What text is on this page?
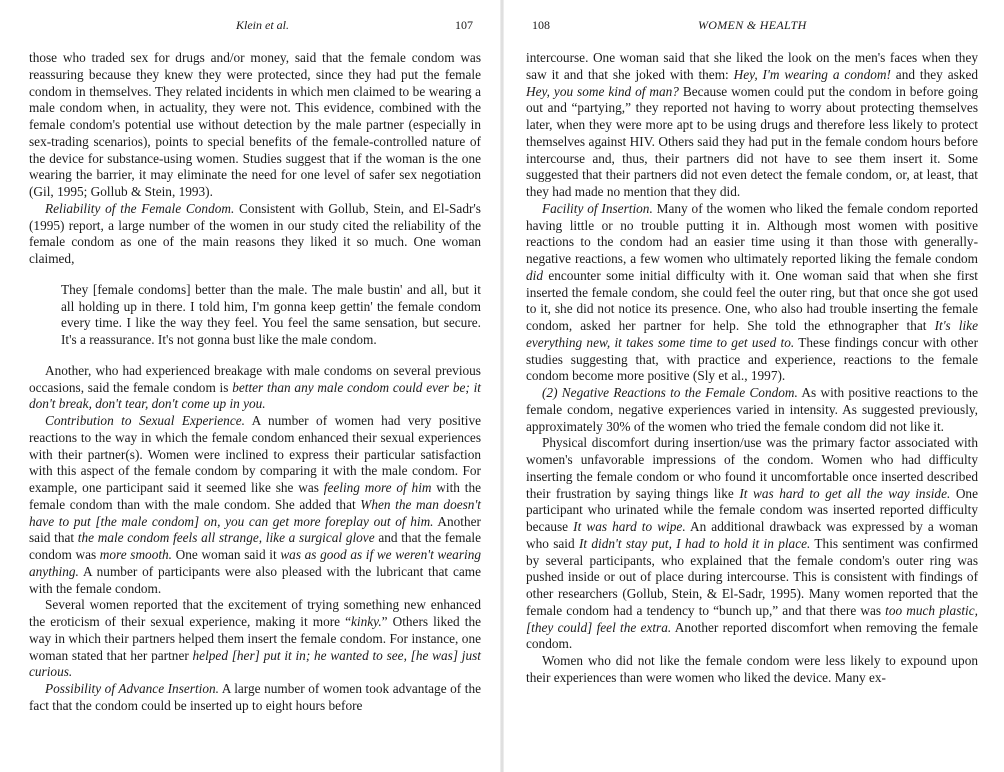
Klein et al.	107

those who traded sex for drugs and/or money, said that the female condom was reassuring because they knew they were protected, since they had put the female condom in themselves. They related incidents in which men claimed to be wearing a male condom when, in actuality, they were not. This evidence, combined with the female condom's potential use without detection by the male partner (especially in sex-trading scenarios), points to special benefits of the female-controlled nature of the device for substance-using women. Studies suggest that if the woman is the one wearing the barrier, it may eliminate the need for one level of safer sex negotiation (Gil, 1995; Gollub & Stein, 1993).

Reliability of the Female Condom. Consistent with Gollub, Stein, and El-Sadr's (1995) report, a large number of the women in our study cited the reliability of the female condom as one of the main reasons they liked it so much. One woman claimed,

They [female condoms] better than the male. The male bustin' and all, but it all holding up in there. I told him, I'm gonna keep gettin' the female condom every time. I like the way they feel. You feel the same sensation, but secure. It's a reassurance. It's not gonna bust like the male condom.

Another, who had experienced breakage with male condoms on several previous occasions, said the female condom is better than any male condom could ever be; it don't break, don't tear, don't come up in you.

Contribution to Sexual Experience. A number of women had very positive reactions to the way in which the female condom enhanced their sexual experiences with their partner(s). Women were inclined to express their particular satisfaction with this aspect of the female condom by comparing it with the male condom. For example, one participant said it seemed like she was feeling more of him with the female condom than with the male condom. She added that When the man doesn't have to put [the male condom] on, you can get more foreplay out of him. Another said that the male condom feels all strange, like a surgical glove and that the female condom was more smooth. One woman said it was as good as if we weren't wearing anything. A number of participants were also pleased with the lubricant that came with the female condom.

Several women reported that the excitement of trying something new enhanced the eroticism of their sexual experience, making it more “kinky.” Others liked the way in which their partners helped them insert the female condom. For instance, one woman stated that her partner helped [her] put it in; he wanted to see, [he was] just curious.

Possibility of Advance Insertion. A large number of women took advantage of the fact that the condom could be inserted up to eight hours before

108	WOMEN & HEALTH

intercourse. One woman said that she liked the look on the men's faces when they saw it and that she joked with them: Hey, I'm wearing a condom! and they asked Hey, you some kind of man? Because women could put the condom in before going out and “partying,” they reported not having to worry about protecting themselves later, when they were more apt to be using drugs and therefore less likely to protect themselves against HIV. Others said they had put in the female condom hours before intercourse and, thus, their partners did not have to see them insert it. Some suggested that their partners did not even detect the female condom, or, at least, that they had made no mention that they did.

Facility of Insertion. Many of the women who liked the female condom reported having little or no trouble putting it in. Although most women with positive reactions to the condom had an easier time using it than those with generally-negative reactions, a few women who ultimately reported liking the female condom did encounter some initial difficulty with it. One woman said that when she first inserted the female condom, she could feel the outer ring, but that once she got used to it, she did not notice its presence. One, who also had trouble inserting the female condom, asked her partner for help. She told the ethnographer that It's like everything new, it takes some time to get used to. These findings concur with other studies suggesting that, with practice and experience, reactions to the female condom become more positive (Sly et al., 1997).

(2) Negative Reactions to the Female Condom. As with positive reactions to the female condom, negative experiences varied in intensity. As suggested previously, approximately 30% of the women who tried the female condom did not like it.

Physical discomfort during insertion/use was the primary factor associated with women's unfavorable impressions of the condom. Women who had difficulty inserting the female condom or who found it uncomfortable once inserted described their frustration by saying things like It was hard to get all the way inside. One participant who urinated while the female condom was inserted reported difficulty because It was hard to wipe. An additional drawback was expressed by a woman who said It didn't stay put, I had to hold it in place. This sentiment was confirmed by several participants, who explained that the female condom's outer ring was pushed inside or out of place during intercourse. This is consistent with findings of other researchers (Gollub, Stein, & El-Sadr, 1995). Many women reported that the female condom had a tendency to “bunch up,” and that there was too much plastic, [they could] feel the extra. Another reported discomfort when removing the female condom.

Women who did not like the female condom were less likely to expound upon their experiences than were women who liked the device. Many ex-
